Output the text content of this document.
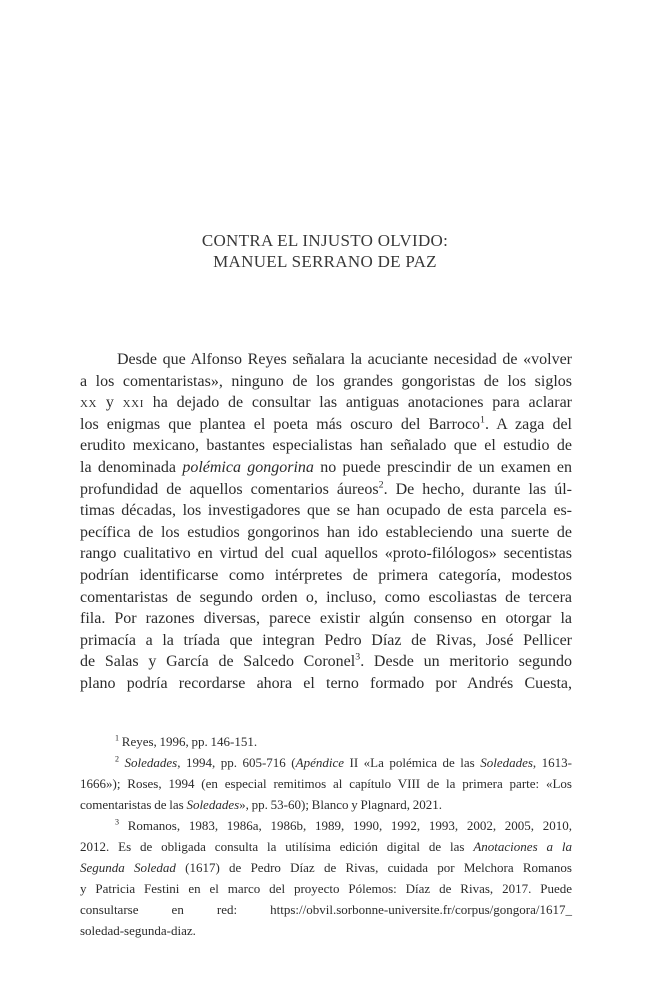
CONTRA EL INJUSTO OLVIDO:
MANUEL SERRANO DE PAZ
Desde que Alfonso Reyes señalara la acuciante necesidad de «volver
a los comentaristas», ninguno de los grandes gongoristas de los siglos
xx y xxi ha dejado de consultar las antiguas anotaciones para aclarar
los enigmas que plantea el poeta más oscuro del Barroco$^1$. A zaga del
erudito mexicano, bastantes especialistas han señalado que el estudio de
la denominada polémica gongorina no puede prescindir de un examen en
profundidad de aquellos comentarios áureos$^2$. De hecho, durante las úl-
timas décadas, los investigadores que se han ocupado de esta parcela es-
pecífica de los estudios gongorinos han ido estableciendo una suerte de
rango cualitativo en virtud del cual aquellos «proto-filólogos» secentistas
podrían identificarse como intérpretes de primera categoría, modestos
comentaristas de segundo orden o, incluso, como escoliastas de tercera
fila. Por razones diversas, parece existir algún consenso en otorgar la
primacía a la tríada que integran Pedro Díaz de Rivas, José Pellicer
de Salas y García de Salcedo Coronel$^3$. Desde un meritorio segundo
plano podría recordarse ahora el terno formado por Andrés Cuesta,
$^1$ Reyes, 1996, pp. 146-151.
$^2$ Soledades, 1994, pp. 605-716 (Apéndice II «La polémica de las Soledades, 1613-
1666»); Roses, 1994 (en especial remitimos al capítulo VIII de la primera parte: «Los
comentaristas de las Soledades», pp. 53-60); Blanco y Plagnard, 2021.
$^3$ Romanos, 1983, 1986a, 1986b, 1989, 1990, 1992, 1993, 2002, 2005, 2010,
2012. Es de obligada consulta la utilísima edición digital de las Anotaciones a la
Segunda Soledad (1617) de Pedro Díaz de Rivas, cuidada por Melchora Romanos
y Patricia Festini en el marco del proyecto Pólemos: Díaz de Rivas, 2017. Puede
consultarse en red: https://obvil.sorbonne-universite.fr/corpus/gongora/1617_
soledad-segunda-diaz.
